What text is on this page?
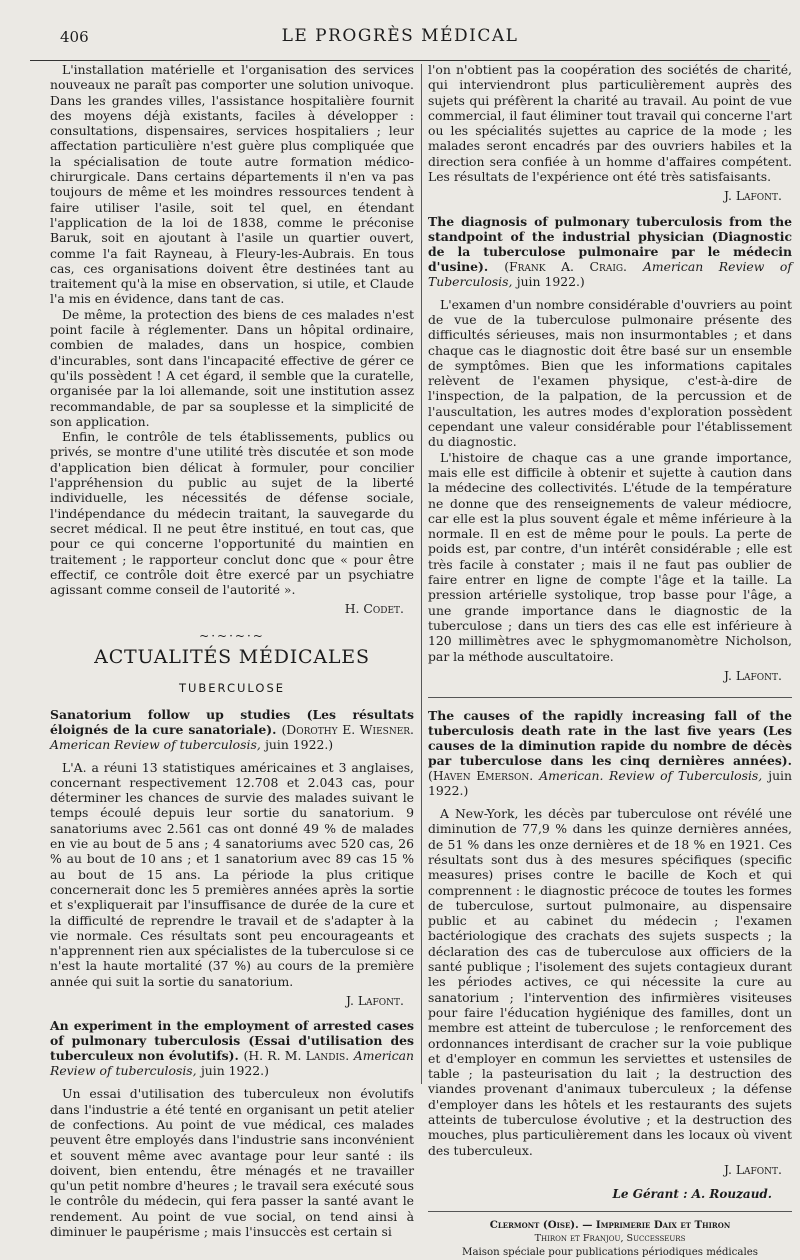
406	LE PROGRÈS MÉDICAL

L'installation matérielle et l'organisation des services nouveaux ne paraît pas comporter une solution univoque. Dans les grandes villes, l'assistance hospitalière fournit des moyens déjà existants, faciles à développer : consultations, dispensaires, services hospitaliers ; leur affectation particulière n'est guère plus compliquée que la spécialisation de toute autre formation médico-chirurgicale. Dans certains départements il n'en va pas toujours de même et les moindres ressources tendent à faire utiliser l'asile, soit tel quel, en étendant l'application de la loi de 1838, comme le préconise Baruk, soit en ajoutant à l'asile un quartier ouvert, comme l'a fait Rayneau, à Fleury-les-Aubrais. En tous cas, ces organisations doivent être destinées tant au traitement qu'à la mise en observation, si utile, et Claude l'a mis en évidence, dans tant de cas.

De même, la protection des biens de ces malades n'est point facile à réglementer. Dans un hôpital ordinaire, combien de malades, dans un hospice, combien d'incurables, sont dans l'incapacité effective de gérer ce qu'ils possèdent ! A cet égard, il semble que la curatelle, organisée par la loi allemande, soit une institution assez recommandable, de par sa souplesse et la simplicité de son application.

Enfin, le contrôle de tels établissements, publics ou privés, se montre d'une utilité très discutée et son mode d'application bien délicat à formuler, pour concilier l'appréhension du public au sujet de la liberté individuelle, les nécessités de défense sociale, l'indépendance du médecin traitant, la sauvegarde du secret médical. Il ne peut être institué, en tout cas, que pour ce qui concerne l'opportunité du maintien en traitement ; le rapporteur conclut donc que « pour être effectif, ce contrôle doit être exercé par un psychiatre agissant comme conseil de l'autorité ».

H. Codet.
~·~·~·~
ACTUALITÉS MÉDICALES
TUBERCULOSE
Sanatorium follow up studies (Les résultats éloignés de la cure sanatoriale). (Dorothy E. Wiesner. American Review of tuberculosis, juin 1922.)

L'A. a réuni 13 statistiques américaines et 3 anglaises, concernant respectivement 12.708 et 2.043 cas, pour déterminer les chances de survie des malades suivant le temps écoulé depuis leur sortie du sanatorium. 9 sanatoriums avec 2.561 cas ont donné 49 % de malades en vie au bout de 5 ans ; 4 sanatoriums avec 520 cas, 26 % au bout de 10 ans ; et 1 sanatorium avec 89 cas 15 % au bout de 15 ans. La période la plus critique concernerait donc les 5 premières années après la sortie et s'expliquerait par l'insuffisance de durée de la cure et la difficulté de reprendre le travail et de s'adapter à la vie normale. Ces résultats sont peu encourageants et n'apprennent rien aux spécialistes de la tuberculose si ce n'est la haute mortalité (37 %) au cours de la première année qui suit la sortie du sanatorium.

J. Lafont.
An experiment in the employment of arrested cases of pulmonary tuberculosis (Essai d'utilisation des tuberculeux non évolutifs). (H. R. M. Landis. American Review of tuberculosis, juin 1922.)

Un essai d'utilisation des tuberculeux non évolutifs dans l'industrie a été tenté en organisant un petit atelier de confections. Au point de vue médical, ces malades peuvent être employés dans l'industrie sans inconvénient et souvent même avec avantage pour leur santé : ils doivent, bien entendu, être ménagés et ne travailler qu'un petit nombre d'heures ; le travail sera exécuté sous le contrôle du médecin, qui fera passer la santé avant le rendement. Au point de vue social, on tend ainsi à diminuer le paupérisme ; mais l'insuccès est certain si

l'on n'obtient pas la coopération des sociétés de charité, qui interviendront plus particulièrement auprès des sujets qui préfèrent la charité au travail. Au point de vue commercial, il faut éliminer tout travail qui concerne l'art ou les spécialités sujettes au caprice de la mode ; les malades seront encadrés par des ouvriers habiles et la direction sera confiée à un homme d'affaires compétent. Les résultats de l'expérience ont été très satisfaisants.

J. Lafont.
The diagnosis of pulmonary tuberculosis from the standpoint of the industrial physician (Diagnostic de la tuberculose pulmonaire par le médecin d'usine). (Frank A. Craig. American Review of Tuberculosis, juin 1922.)

L'examen d'un nombre considérable d'ouvriers au point de vue de la tuberculose pulmonaire présente des difficultés sérieuses, mais non insurmontables ; et dans chaque cas le diagnostic doit être basé sur un ensemble de symptômes. Bien que les informations capitales relèvent de l'examen physique, c'est-à-dire de l'inspection, de la palpation, de la percussion et de l'auscultation, les autres modes d'exploration possèdent cependant une valeur considérable pour l'établissement du diagnostic.

L'histoire de chaque cas a une grande importance, mais elle est difficile à obtenir et sujette à caution dans la médecine des collectivités. L'étude de la température ne donne que des renseignements de valeur médiocre, car elle est la plus souvent égale et même inférieure à la normale. Il en est de même pour le pouls. La perte de poids est, par contre, d'un intérêt considérable ; elle est très facile à constater ; mais il ne faut pas oublier de faire entrer en ligne de compte l'âge et la taille. La pression artérielle systolique, trop basse pour l'âge, a une grande importance dans le diagnostic de la tuberculose ; dans un tiers des cas elle est inférieure à 120 millimètres avec le sphygmomanomètre Nicholson, par la méthode auscultatoire.

J. Lafont.
The causes of the rapidly increasing fall of the tuberculosis death rate in the last five years (Les causes de la diminution rapide du nombre de décès par tuberculose dans les cinq dernières années). (Haven Emerson. American. Review of Tuberculosis, juin 1922.)

A New-York, les décès par tuberculose ont révélé une diminution de 77,9 % dans les quinze dernières années, de 51 % dans les onze dernières et de 18 % en 1921. Ces résultats sont dus à des mesures spécifiques (specific measures) prises contre le bacille de Koch et qui comprennent : le diagnostic précoce de toutes les formes de tuberculose, surtout pulmonaire, au dispensaire public et au cabinet du médecin ; l'examen bactériologique des crachats des sujets suspects ; la déclaration des cas de tuberculose aux officiers de la santé publique ; l'isolement des sujets contagieux durant les périodes actives, ce qui nécessite la cure au sanatorium ; l'intervention des infirmières visiteuses pour faire l'éducation hygiénique des familles, dont un membre est atteint de tuberculose ; le renforcement des ordonnances interdisant de cracher sur la voie publique et d'employer en commun les serviettes et ustensiles de table ; la pasteurisation du lait ; la destruction des viandes provenant d'animaux tuberculeux ; la défense d'employer dans les hôtels et les restaurants des sujets atteints de tuberculose évolutive ; et la destruction des mouches, plus particulièrement dans les locaux où vivent des tuberculeux.

J. Lafont.
Le Gérant : A. Rouzaud.
Clermont (Oise). — Imprimerie Daix et Thiron
Thiron et Franjou, Successeurs
Maison spéciale pour publications périodiques médicales
